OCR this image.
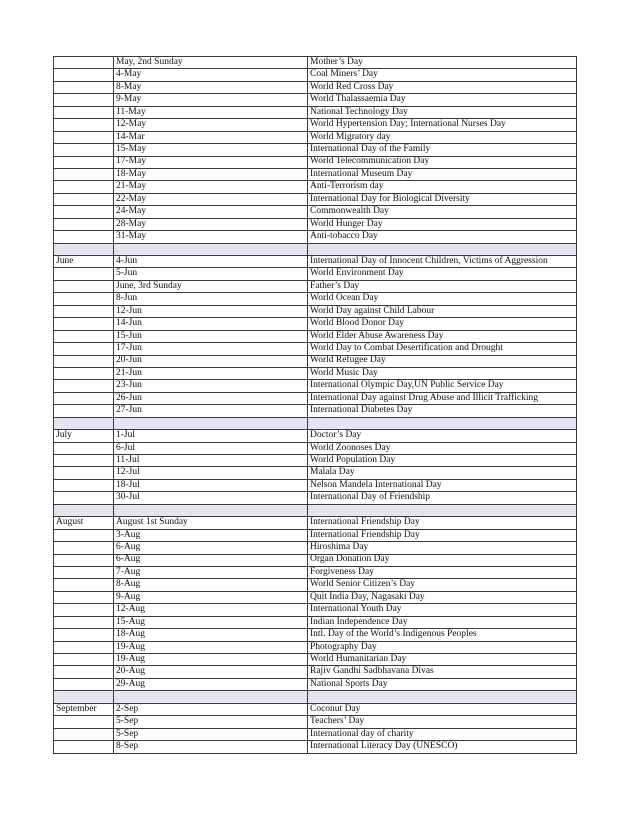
	May, 2nd Sunday	Mother’s Day
	4-May	Coal Miners’ Day
	8-May	World Red Cross Day
	9-May	World Thalassaemia Day
	11-May	National Technology Day
	12-May	World Hypertension Day; International Nurses Day
	14-Mar	World Migratory day
	15-May	International Day of the Family
	17-May	World Telecommunication Day
	18-May	International Museum Day
	21-May	Anti-Terrorism day
	22-May	International Day for Biological Diversity
	24-May	Commonwealth Day
	28-May	World Hunger Day
	31-May	Anti-tobacco Day

June	4-Jun	International Day of Innocent Children, Victims of Aggression
	5-Jun	World Environment Day
	June, 3rd Sunday	Father’s Day
	8-Jun	World Ocean Day
	12-Jun	World Day against Child Labour
	14-Jun	World Blood Donor Day
	15-Jun	World Elder Abuse Awareness Day
	17-Jun	World Day to Combat Desertification and Drought
	20-Jun	World Refugee Day
	21-Jun	World Music Day
	23-Jun	International Olympic Day,UN Public Service Day
	26-Jun	International Day against Drug Abuse and Illicit Trafficking
	27-Jun	International Diabetes Day

July	1-Jul	Doctor’s Day
	6-Jul	World Zoonoses Day
	11-Jul	World Population Day
	12-Jul	Malala Day
	18-Jul	Nelson Mandela International Day
	30-Jul	International Day of Friendship

August	August 1st Sunday	International Friendship Day
	3-Aug	International Friendship Day
	6-Aug	Hiroshima Day
	6-Aug	Organ Donation Day
	7-Aug	Forgiveness Day
	8-Aug	World Senior Citizen’s Day
	9-Aug	Quit India Day, Nagasaki Day
	12-Aug	International Youth Day
	15-Aug	Indian Independence Day
	18-Aug	Intl. Day of the World’s Indigenous Peoples
	19-Aug	Photography Day
	19-Aug	World Humanitarian Day
	20-Aug	Rajiv Gandhi Sadbhavana Divas
	29-Aug	National Sports Day

September	2-Sep	Coconut Day
	5-Sep	Teachers’ Day
	5-Sep	International day of charity
	8-Sep	International Literacy Day (UNESCO)
